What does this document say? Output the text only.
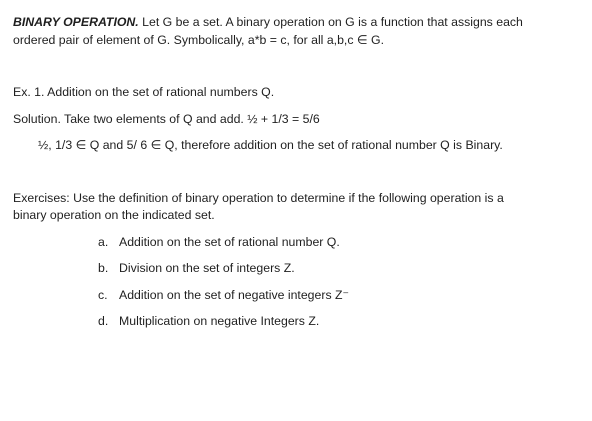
BINARY OPERATION. Let G be a set. A binary operation on G is a function that assigns each
ordered pair of element of G. Symbolically, a*b = c, for all a,b,c ∈ G.
Ex. 1. Addition on the set of rational numbers Q.
Solution. Take two elements of Q and add. ½ + 1/3 = 5/6
½, 1/3 ∈ Q and 5/ 6 ∈ Q, therefore addition on the set of rational number Q is Binary.
Exercises: Use the definition of binary operation to determine if the following operation is a
binary operation on the indicated set.
a. Addition on the set of rational number Q.
b. Division on the set of integers Z.
c. Addition on the set of negative integers Z⁻
d. Multiplication on negative Integers Z.
